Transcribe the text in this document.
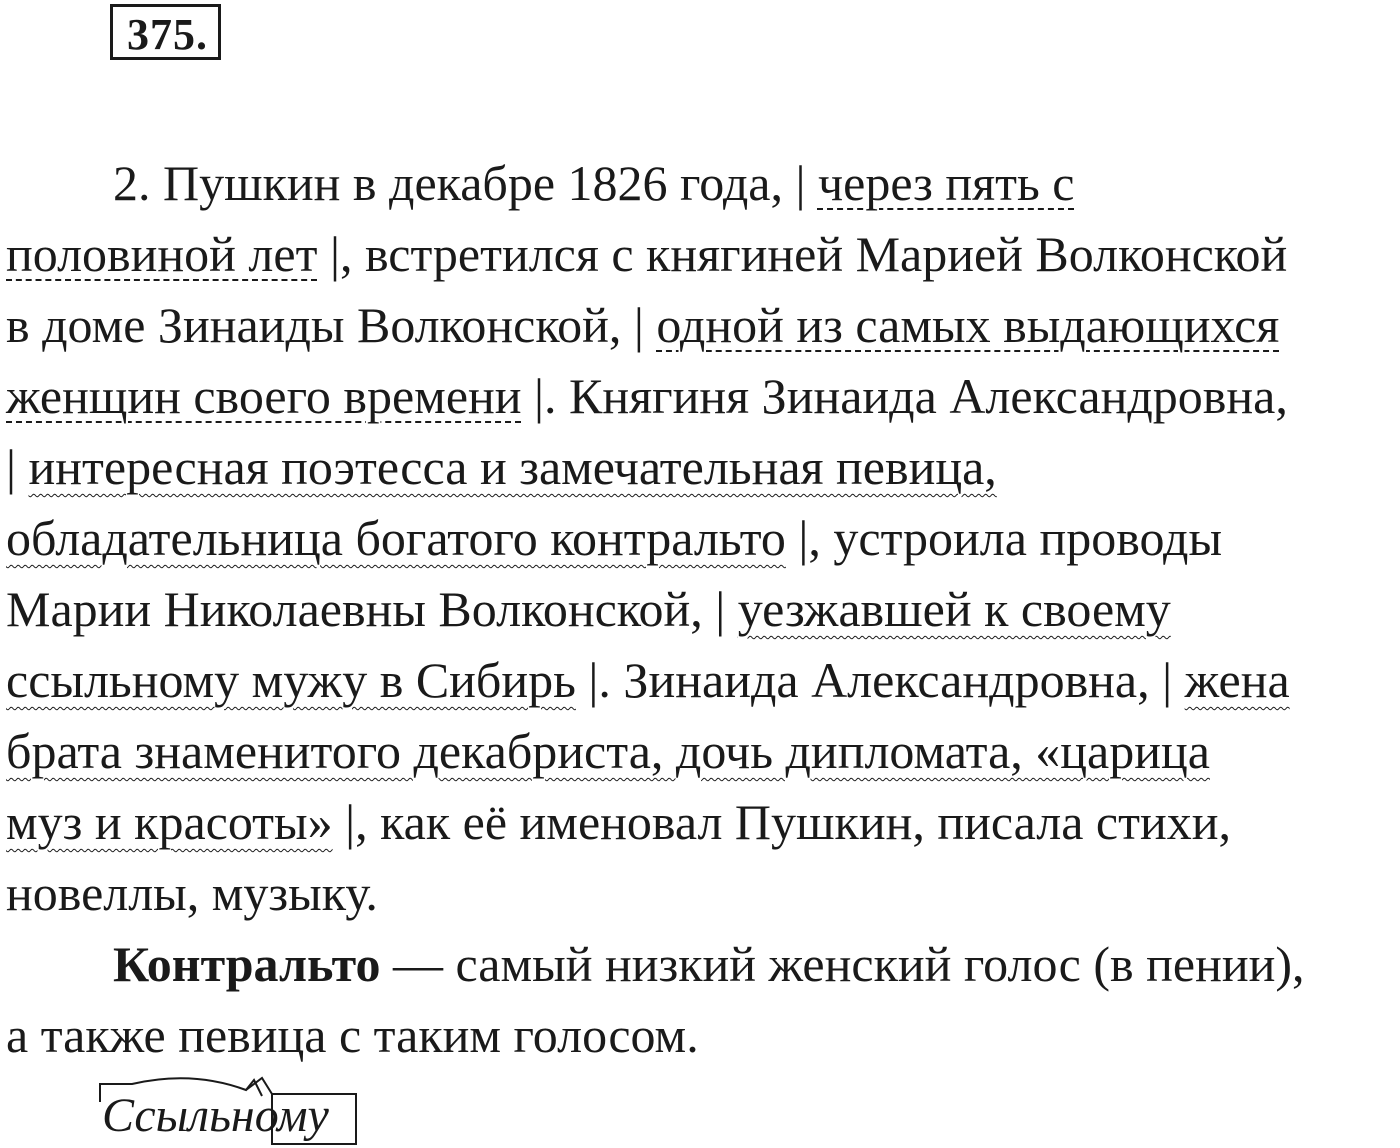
375.
2. Пушкин в декабре 1826 года, | через пять с
половиной лет |, встретился с княгиней Марией Волконской
в доме Зинаиды Волконской, | одной из самых выдающихся
женщин своего времени |. Княгиня Зинаида Александровна,
| интересная поэтесса и замечательная певица,
обладательница богатого контральто |, устроила проводы
Марии Николаевны Волконской, | уезжавшей к своему
ссыльному мужу в Сибирь |. Зинаида Александровна, | жена
брата знаменитого декабриста, дочь дипломата, «царица
муз и красоты» |, как её именовал Пушкин, писала стихи,
новеллы, музыку.
Контральто — самый низкий женский голос (в пении),
а также певица с таким голосом.
Ссыльному
